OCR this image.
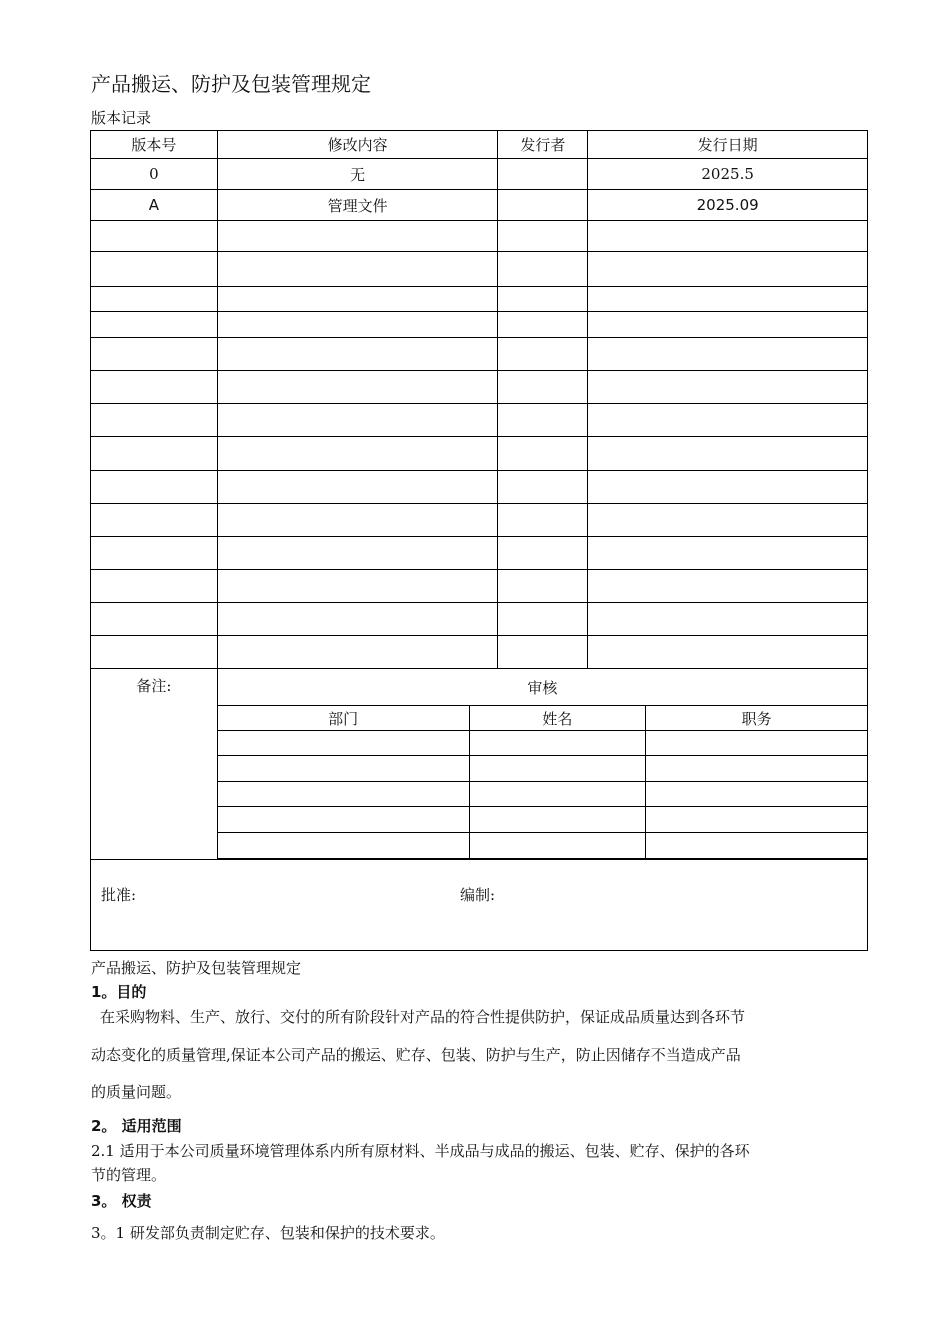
产品搬运、防护及包装管理规定
版本记录
版本号	修改内容	发行者	发行日期
0	无		2025.5
A	管理文件		2025.09

备注:		审核
部门	姓名	职务

批准:	编制:
产品搬运、防护及包装管理规定
1。目的
在采购物料、生产、放行、交付的所有阶段针对产品的符合性提供防护，保证成品质量达到各环节
动态变化的质量管理,保证本公司产品的搬运、贮存、包装、防护与生产，防止因储存不当造成产品
的质量问题。
2。 适用范围
2.1 适用于本公司质量环境管理体系内所有原材料、半成品与成品的搬运、包装、贮存、保护的各环
节的管理。
3。 权责
3。1 研发部负责制定贮存、包装和保护的技术要求。
